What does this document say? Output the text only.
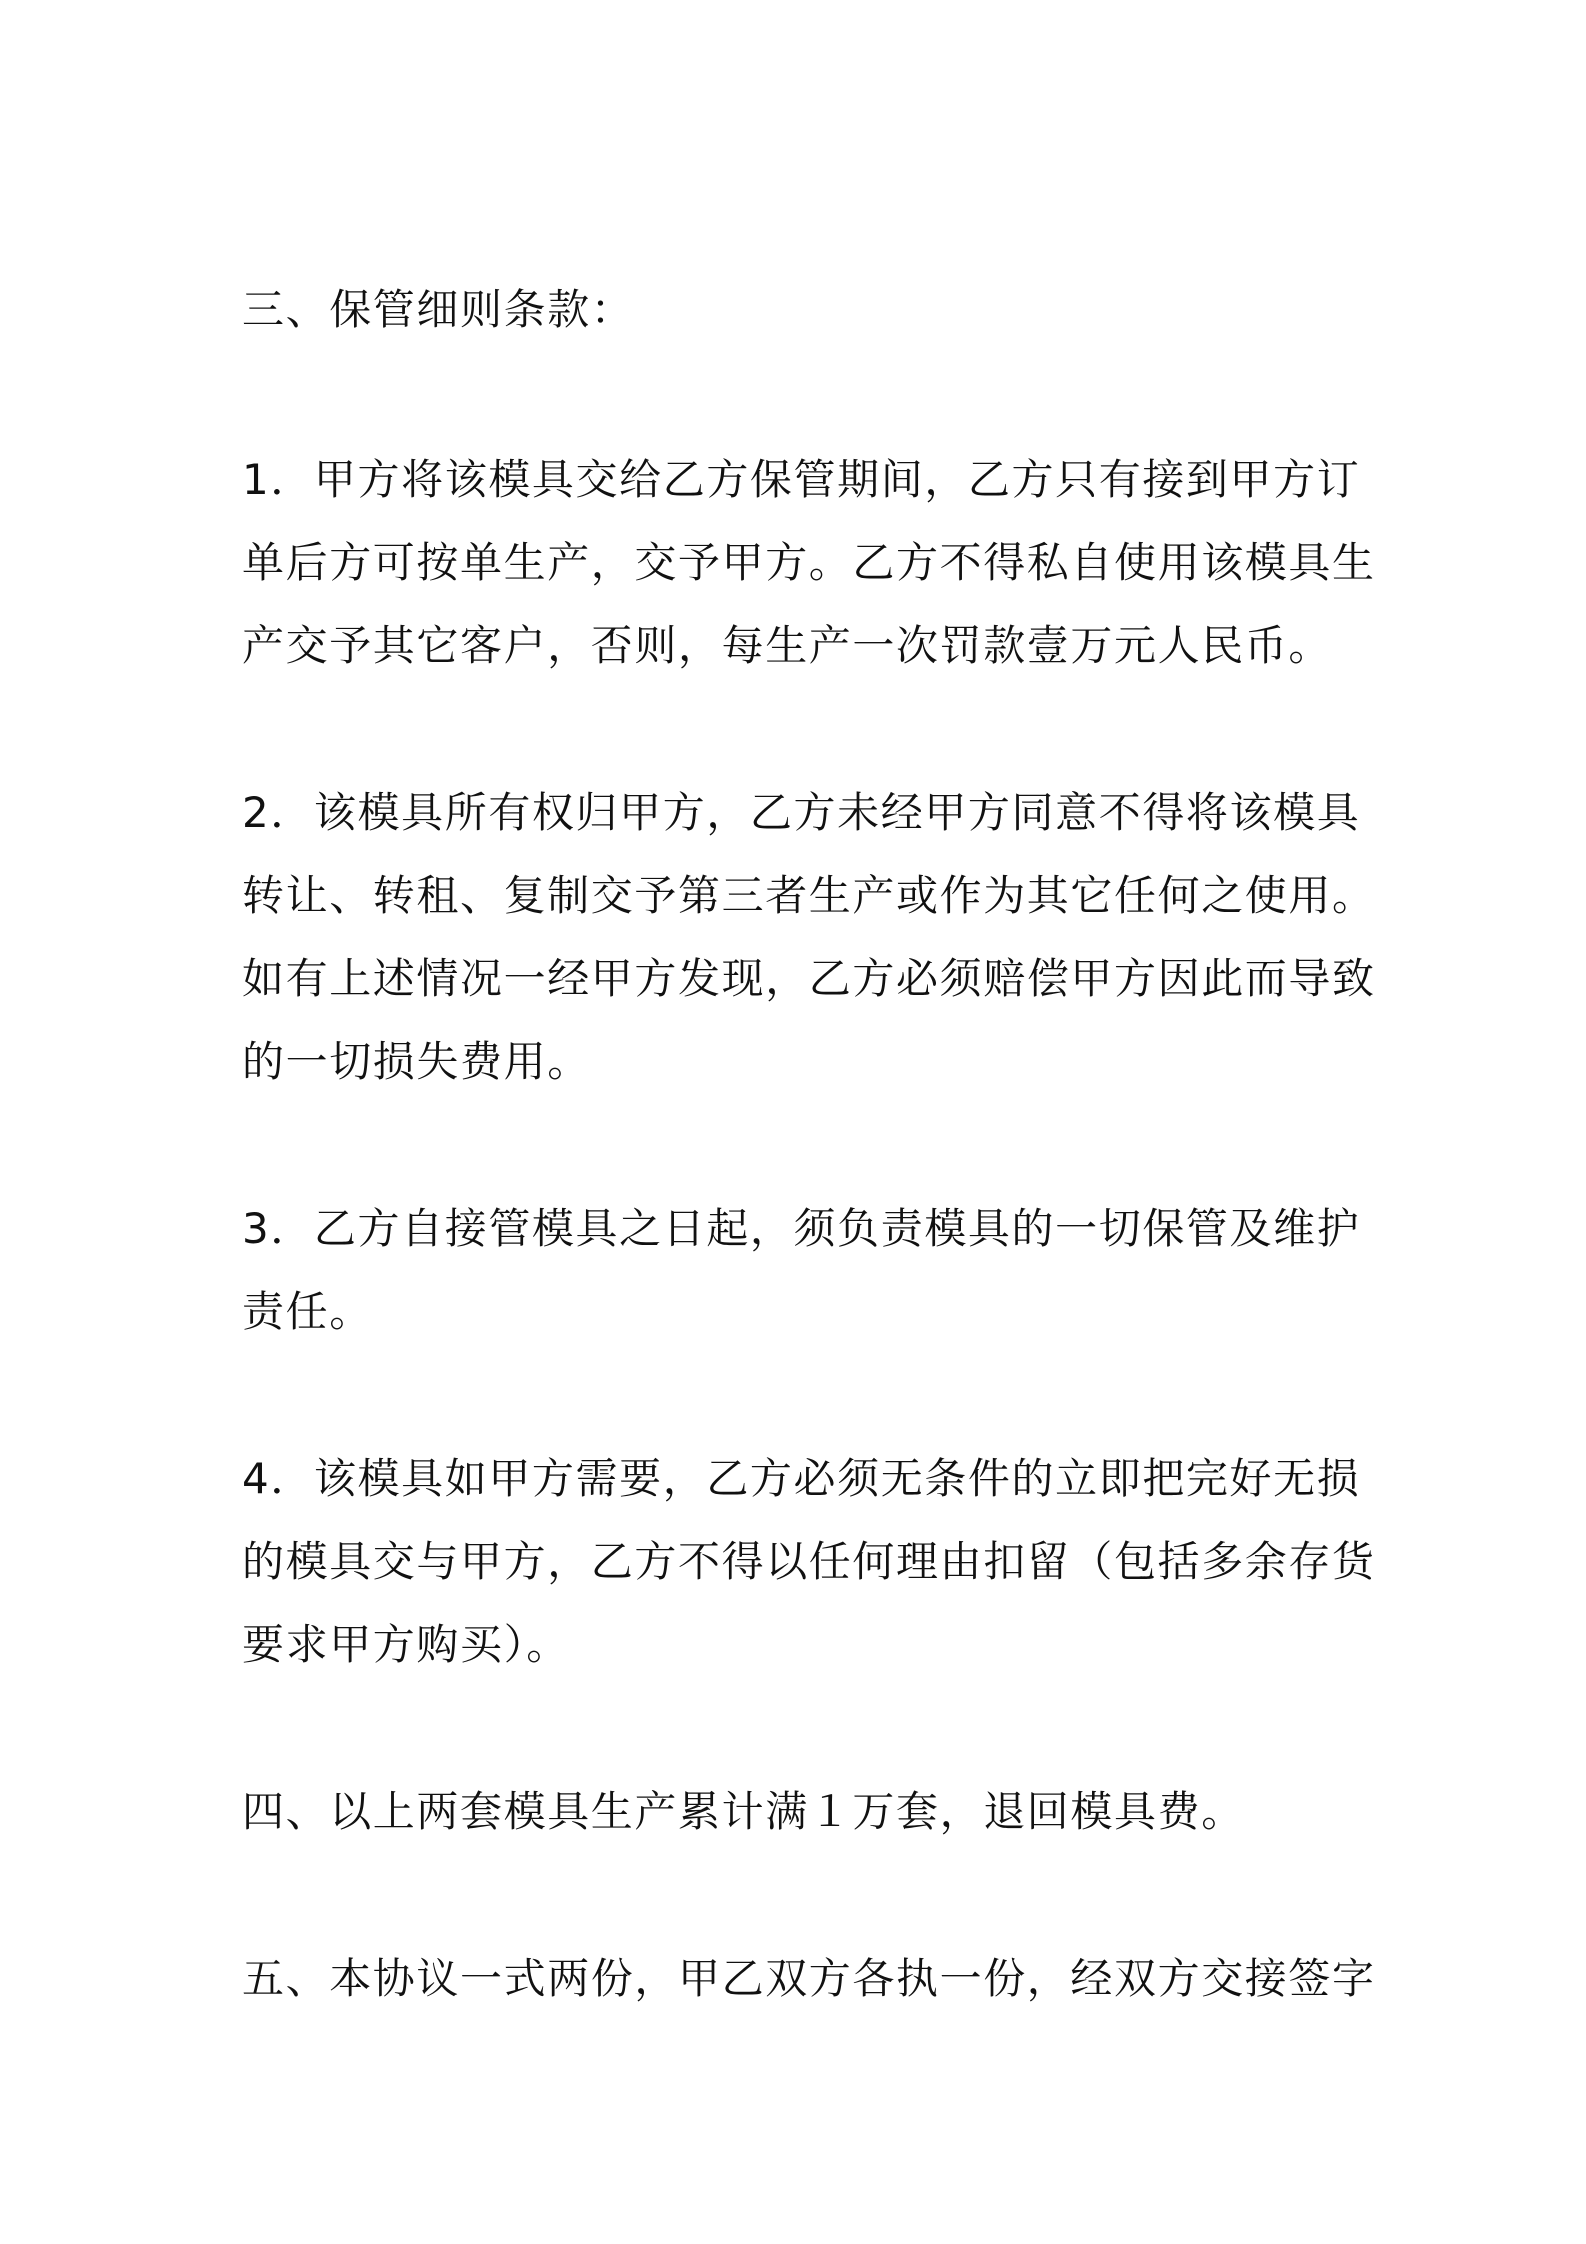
三、保管细则条款：
1．甲方将该模具交给乙方保管期间，乙方只有接到甲方订
单后方可按单生产，交予甲方。乙方不得私自使用该模具生
产交予其它客户，否则，每生产一次罚款壹万元人民币。
2．该模具所有权归甲方，乙方未经甲方同意不得将该模具
转让、转租、复制交予第三者生产或作为其它任何之使用。
如有上述情况一经甲方发现，乙方必须赔偿甲方因此而导致
的一切损失费用。
3．乙方自接管模具之日起，须负责模具的一切保管及维护
责任。
4．该模具如甲方需要，乙方必须无条件的立即把完好无损
的模具交与甲方，乙方不得以任何理由扣留（包括多余存货
要求甲方购买）。
四、以上两套模具生产累计满１万套，退回模具费。
五、本协议一式两份，甲乙双方各执一份，经双方交接签字
